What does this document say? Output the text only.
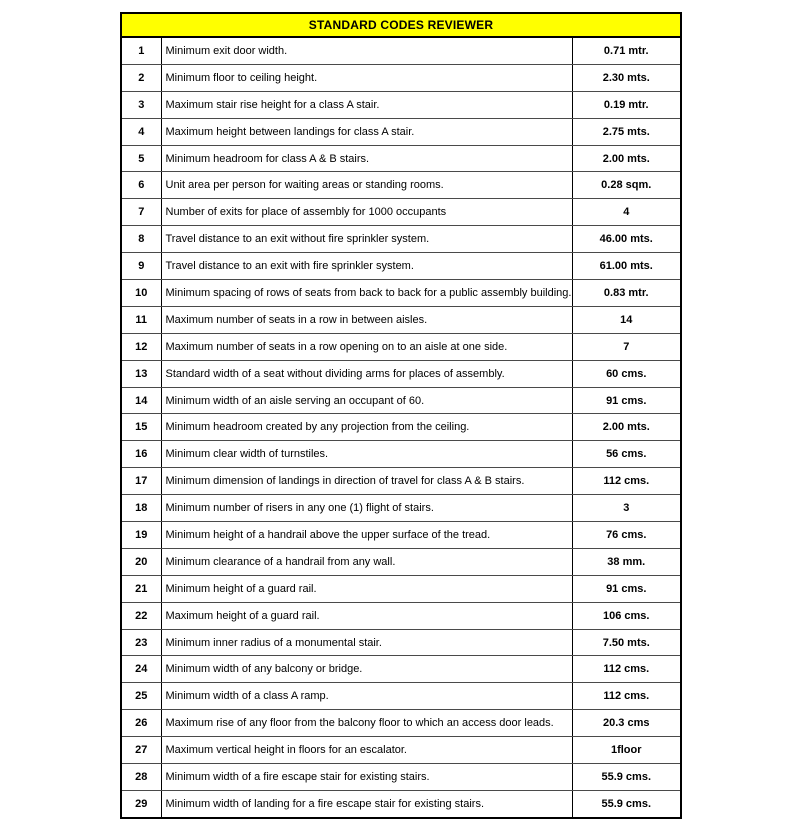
STANDARD CODES REVIEWER		
1	Minimum exit door width.	0.71 mtr.
2	Minimum floor to ceiling height.	2.30 mts.
3	Maximum stair rise height for a class A stair.	0.19 mtr.
4	Maximum height between landings for class A stair.	2.75 mts.
5	Minimum headroom for class A & B stairs.	2.00 mts.
6	Unit area per person for waiting areas or standing rooms.	0.28 sqm.
7	Number of exits for place of assembly for 1000 occupants	4
8	Travel distance to an exit without fire sprinkler system.	46.00 mts.
9	Travel distance to an exit with fire sprinkler system.	61.00 mts.
10	Minimum spacing of rows of seats from back to back for a public assembly building.	0.83 mtr.
11	Maximum number of seats in a row in between aisles.	14
12	Maximum number of seats in a row opening on to an aisle at one side.	7
13	Standard width of a seat without dividing arms for places of assembly.	60 cms.
14	Minimum width of an aisle serving an occupant of 60.	91 cms.
15	Minimum headroom created by any projection from the ceiling.	2.00 mts.
16	Minimum clear width of turnstiles.	56 cms.
17	Minimum dimension of landings in direction of travel for class A & B stairs.	112 cms.
18	Minimum number of risers in any one (1) flight of stairs.	3
19	Minimum height of a handrail above the upper surface of the tread.	76 cms.
20	Minimum clearance of a handrail from any wall.	38 mm.
21	Minimum height of a guard rail.	91 cms.
22	Maximum height of a guard rail.	106 cms.
23	Minimum inner radius of a monumental stair.	7.50 mts.
24	Minimum width of any balcony or bridge.	112 cms.
25	Minimum width of a class A ramp.	112 cms.
26	Maximum rise of any floor from the balcony floor to which an access door leads.	20.3 cms
27	Maximum vertical height in floors for an escalator.	1floor
28	Minimum width of a fire escape stair for existing stairs.	55.9 cms.
29	Minimum width of landing for a fire escape stair for existing stairs.	55.9 cms.
